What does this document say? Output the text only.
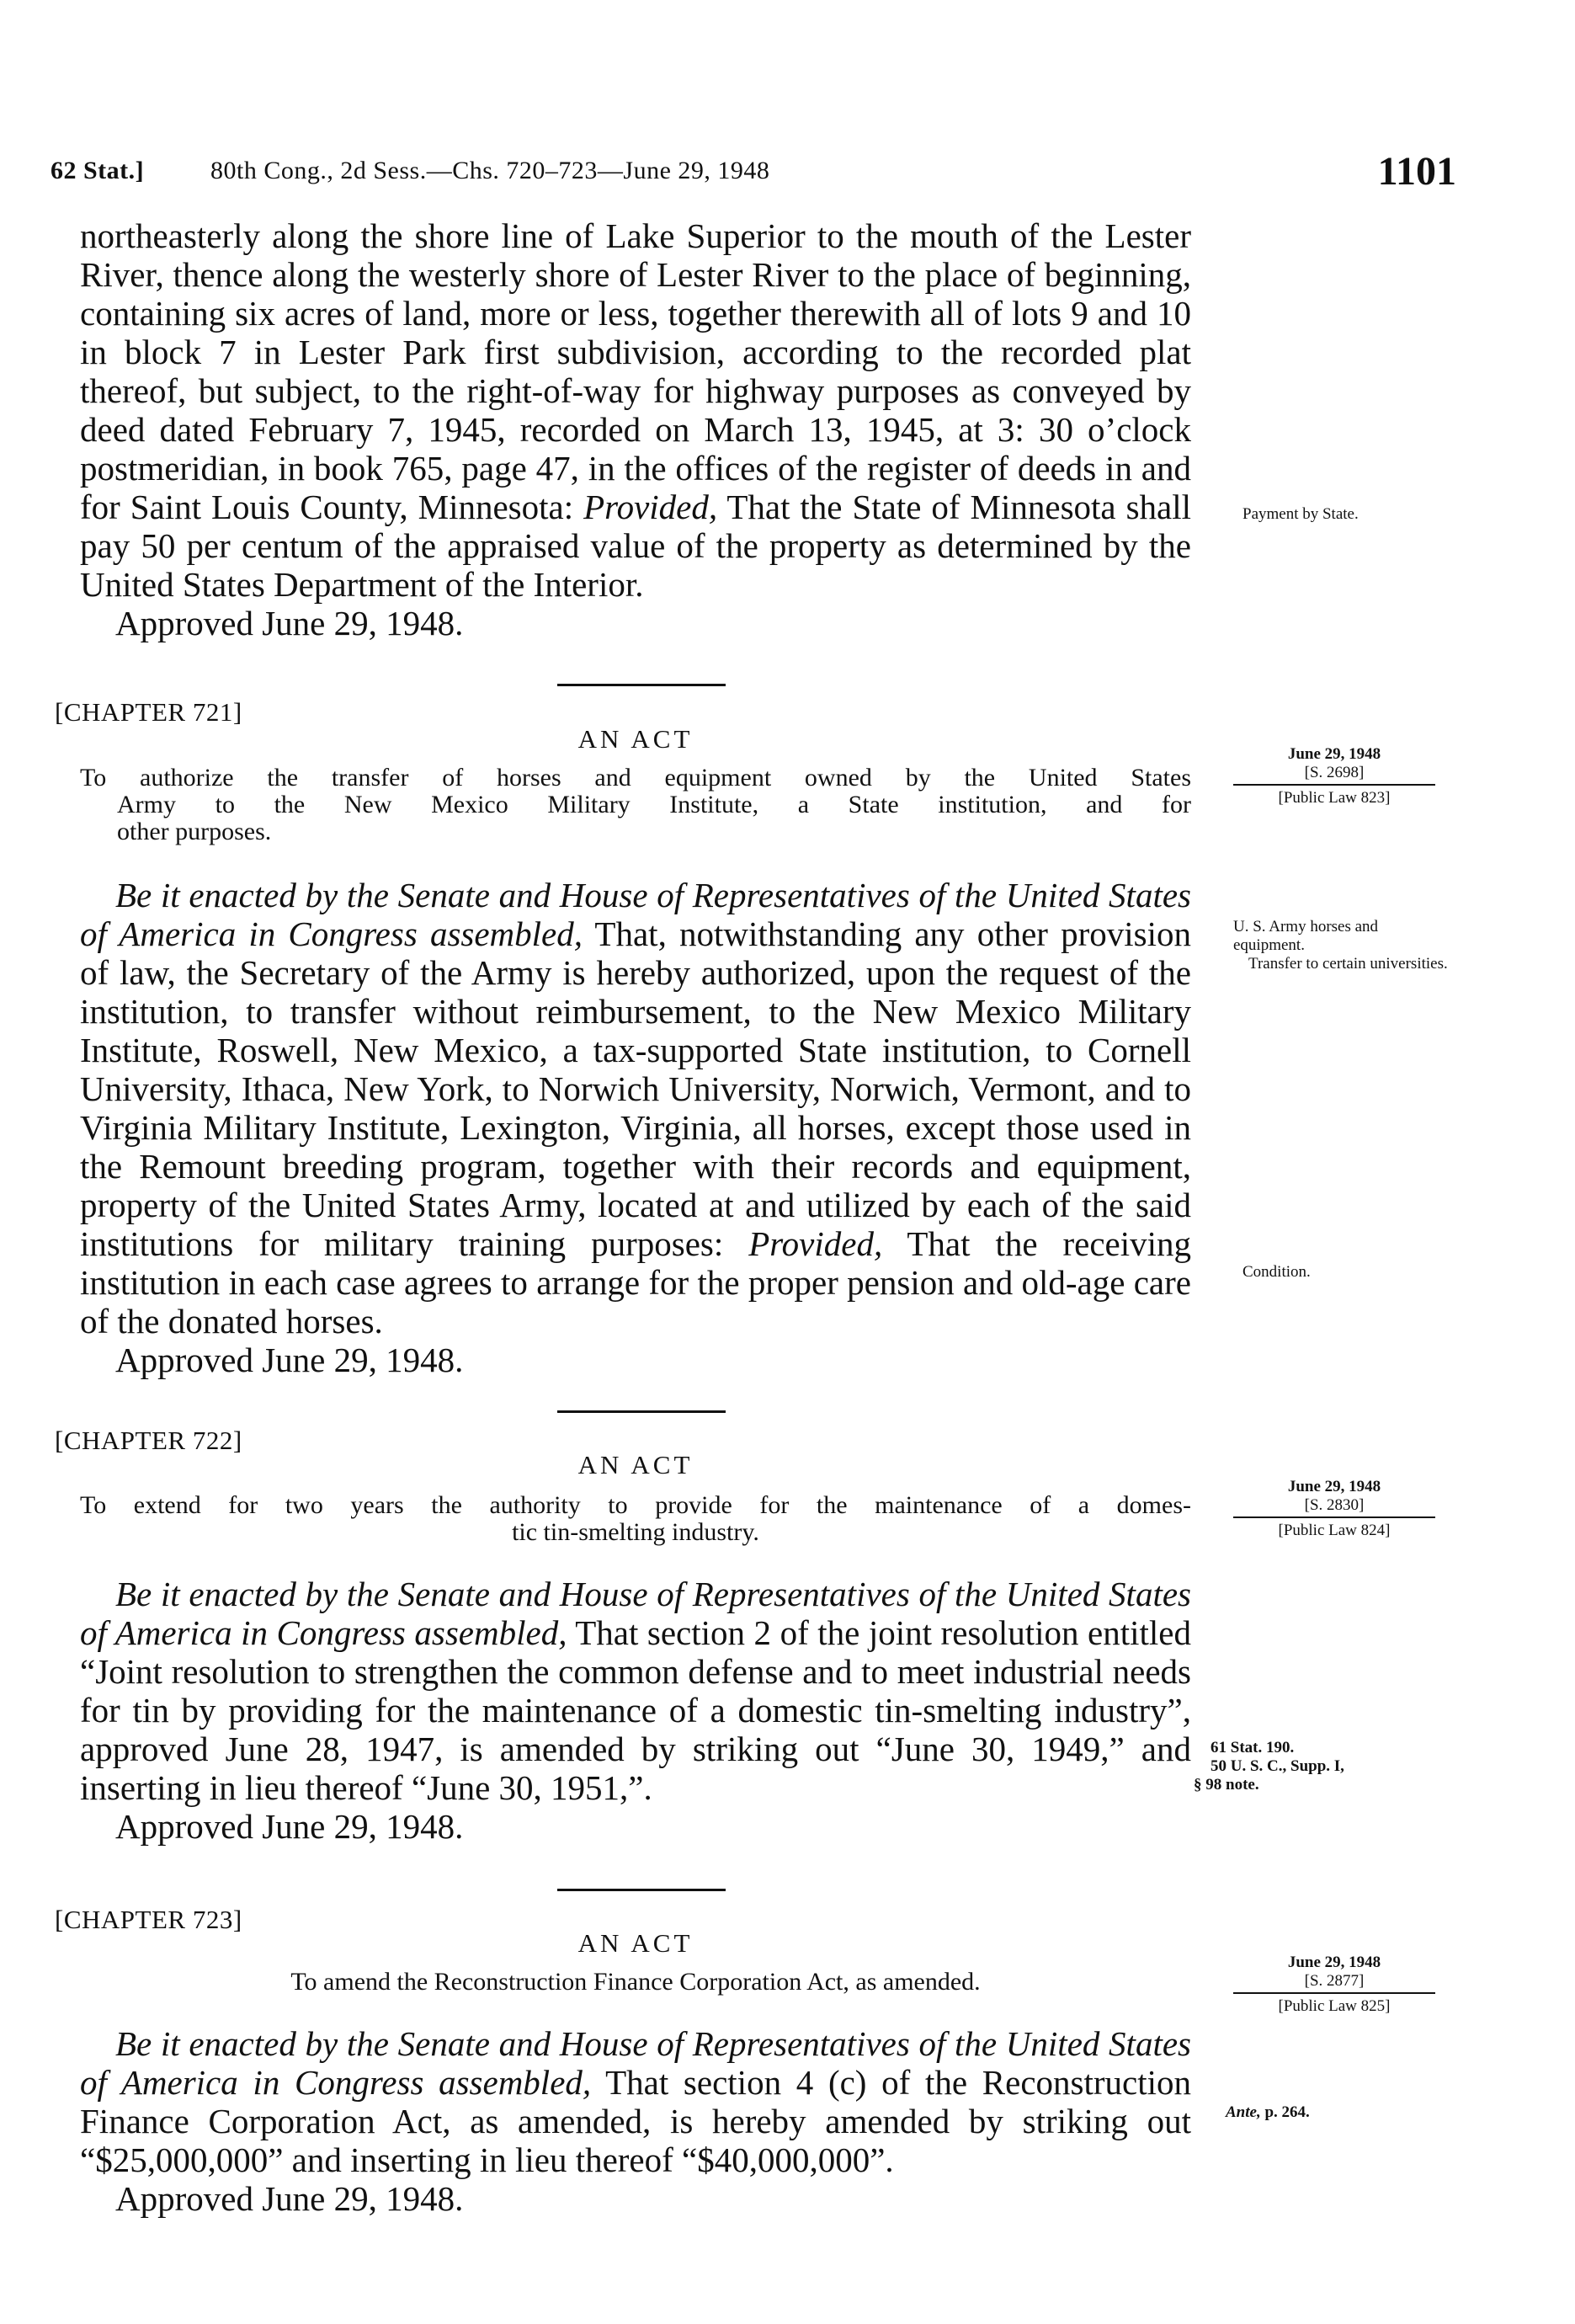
62 Stat.]	80th Cong., 2d Sess.—Chs. 720–723—June 29, 1948	1101

northeasterly along the shore line of Lake Superior to the mouth of the Lester River, thence along the westerly shore of Lester River to the place of beginning, containing six acres of land, more or less, together therewith all of lots 9 and 10 in block 7 in Lester Park first subdivision, according to the recorded plat thereof, but subject, to the right-of-way for highway purposes as conveyed by deed dated February 7, 1945, recorded on March 13, 1945, at 3: 30 o’clock postmeridian, in book 765, page 47, in the offices of the register of deeds in and for Saint Louis County, Minnesota: Provided, That the State of Minnesota shall pay 50 per centum of the appraised value of the property as determined by the United States Department of the Interior.

Approved June 29, 1948.

Payment by State.
[CHAPTER 721]
AN ACT
To authorize the transfer of horses and equipment owned by the United States
Army to the New Mexico Military Institute, a State institution, and for
other purposes.
June 29, 1948
[S. 2698]
[Public Law 823]

Be it enacted by the Senate and House of Representatives of the United States of America in Congress assembled, That, notwithstanding any other provision of law, the Secretary of the Army is hereby authorized, upon the request of the institution, to transfer without reimbursement, to the New Mexico Military Institute, Roswell, New Mexico, a tax-supported State institution, to Cornell University, Ithaca, New York, to Norwich University, Norwich, Vermont, and to Virginia Military Institute, Lexington, Virginia, all horses, except those used in the Remount breeding program, together with their records and equipment, property of the United States Army, located at and utilized by each of the said institutions for military training purposes: Provided, That the receiving institution in each case agrees to arrange for the proper pension and old-age care of the donated horses.

Approved June 29, 1948.

U. S. Army horses and equipment.
Transfer to certain universities.
Condition.
[CHAPTER 722]
AN ACT
To extend for two years the authority to provide for the maintenance of a domes-
tic tin-smelting industry.
June 29, 1948
[S. 2830]
[Public Law 824]

Be it enacted by the Senate and House of Representatives of the United States of America in Congress assembled, That section 2 of the joint resolution entitled “Joint resolution to strengthen the common defense and to meet industrial needs for tin by providing for the maintenance of a domestic tin-smelting industry”, approved June 28, 1947, is amended by striking out “June 30, 1949,” and inserting in lieu thereof “June 30, 1951,”.

Approved June 29, 1948.

61 Stat. 190.
50 U. S. C., Supp. I,
§ 98 note.
[CHAPTER 723]
AN ACT
To amend the Reconstruction Finance Corporation Act, as amended.
June 29, 1948
[S. 2877]
[Public Law 825]

Be it enacted by the Senate and House of Representatives of the United States of America in Congress assembled, That section 4 (c) of the Reconstruction Finance Corporation Act, as amended, is hereby amended by striking out “$25,000,000” and inserting in lieu thereof “$40,000,000”.

Approved June 29, 1948.

Ante, p. 264.
